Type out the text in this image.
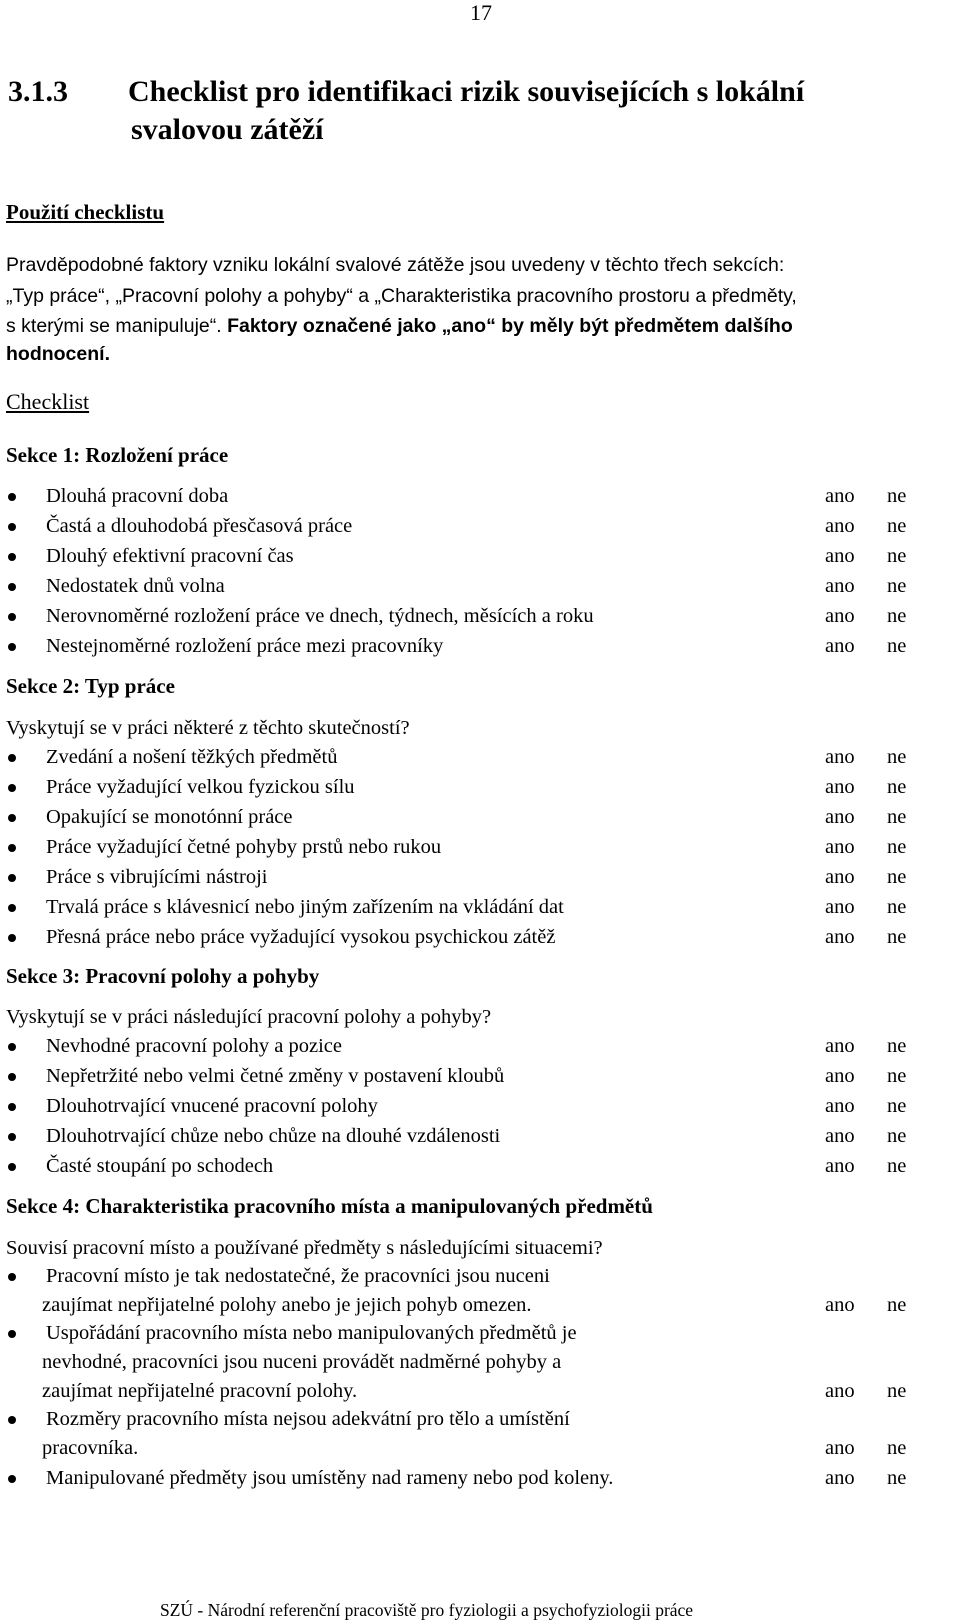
17
3.1.3 Checklist pro identifikaci rizik souvisejících s lokální
svalovou zátěží
Použití checklistu
Pravděpodobné faktory vzniku lokální svalové zátěže jsou uvedeny v těchto třech sekcích:
„Typ práce“, „Pracovní polohy a pohyby“ a „Charakteristika pracovního prostoru a předměty,
s kterými se manipuluje“. Faktory označené jako „ano“ by měly být předmětem dalšího
hodnocení.
Checklist
Sekce 1: Rozložení práce
Dlouhá pracovní doba	ano ne
Častá a dlouhodobá přesčasová práce	ano ne
Dlouhý efektivní pracovní čas	ano ne
Nedostatek dnů volna	ano ne
Nerovnoměrné rozložení práce ve dnech, týdnech, měsících a roku	ano ne
Nestejnoměrné rozložení práce mezi pracovníky	ano ne
Sekce 2: Typ práce
Vyskytují se v práci některé z těchto skutečností?
Zvedání a nošení těžkých předmětů	ano ne
Práce vyžadující velkou fyzickou sílu	ano ne
Opakující se monotónní práce	ano ne
Práce vyžadující četné pohyby prstů nebo rukou	ano ne
Práce s vibrujícími nástroji	ano ne
Trvalá práce s klávesnicí nebo jiným zařízením na vkládání dat	ano ne
Přesná práce nebo práce vyžadující vysokou psychickou zátěž	ano ne
Sekce 3: Pracovní polohy a pohyby
Vyskytují se v práci následující pracovní polohy a pohyby?
Nevhodné pracovní polohy a pozice	ano ne
Nepřetržité nebo velmi četné změny v postavení kloubů	ano ne
Dlouhotrvající vnucené pracovní polohy	ano ne
Dlouhotrvající chůze nebo chůze na dlouhé vzdálenosti	ano ne
Časté stoupání po schodech	ano ne
Sekce 4: Charakteristika pracovního místa a manipulovaných předmětů
Souvisí pracovní místo a používané předměty s následujícími situacemi?
Pracovní místo je tak nedostatečné, že pracovníci jsou nuceni
zaujímat nepřijatelné polohy anebo je jejich pohyb omezen.	ano ne
Uspořádání pracovního místa nebo manipulovaných předmětů je
nevhodné, pracovníci jsou nuceni provádět nadměrné pohyby a
zaujímat nepřijatelné pracovní polohy.	ano ne
Rozměry pracovního místa nejsou adekvátní pro tělo a umístění
pracovníka.	ano ne
Manipulované předměty jsou umístěny nad rameny nebo pod koleny.	ano ne
SZÚ - Národní referenční pracoviště pro fyziologii a psychofyziologii práce
